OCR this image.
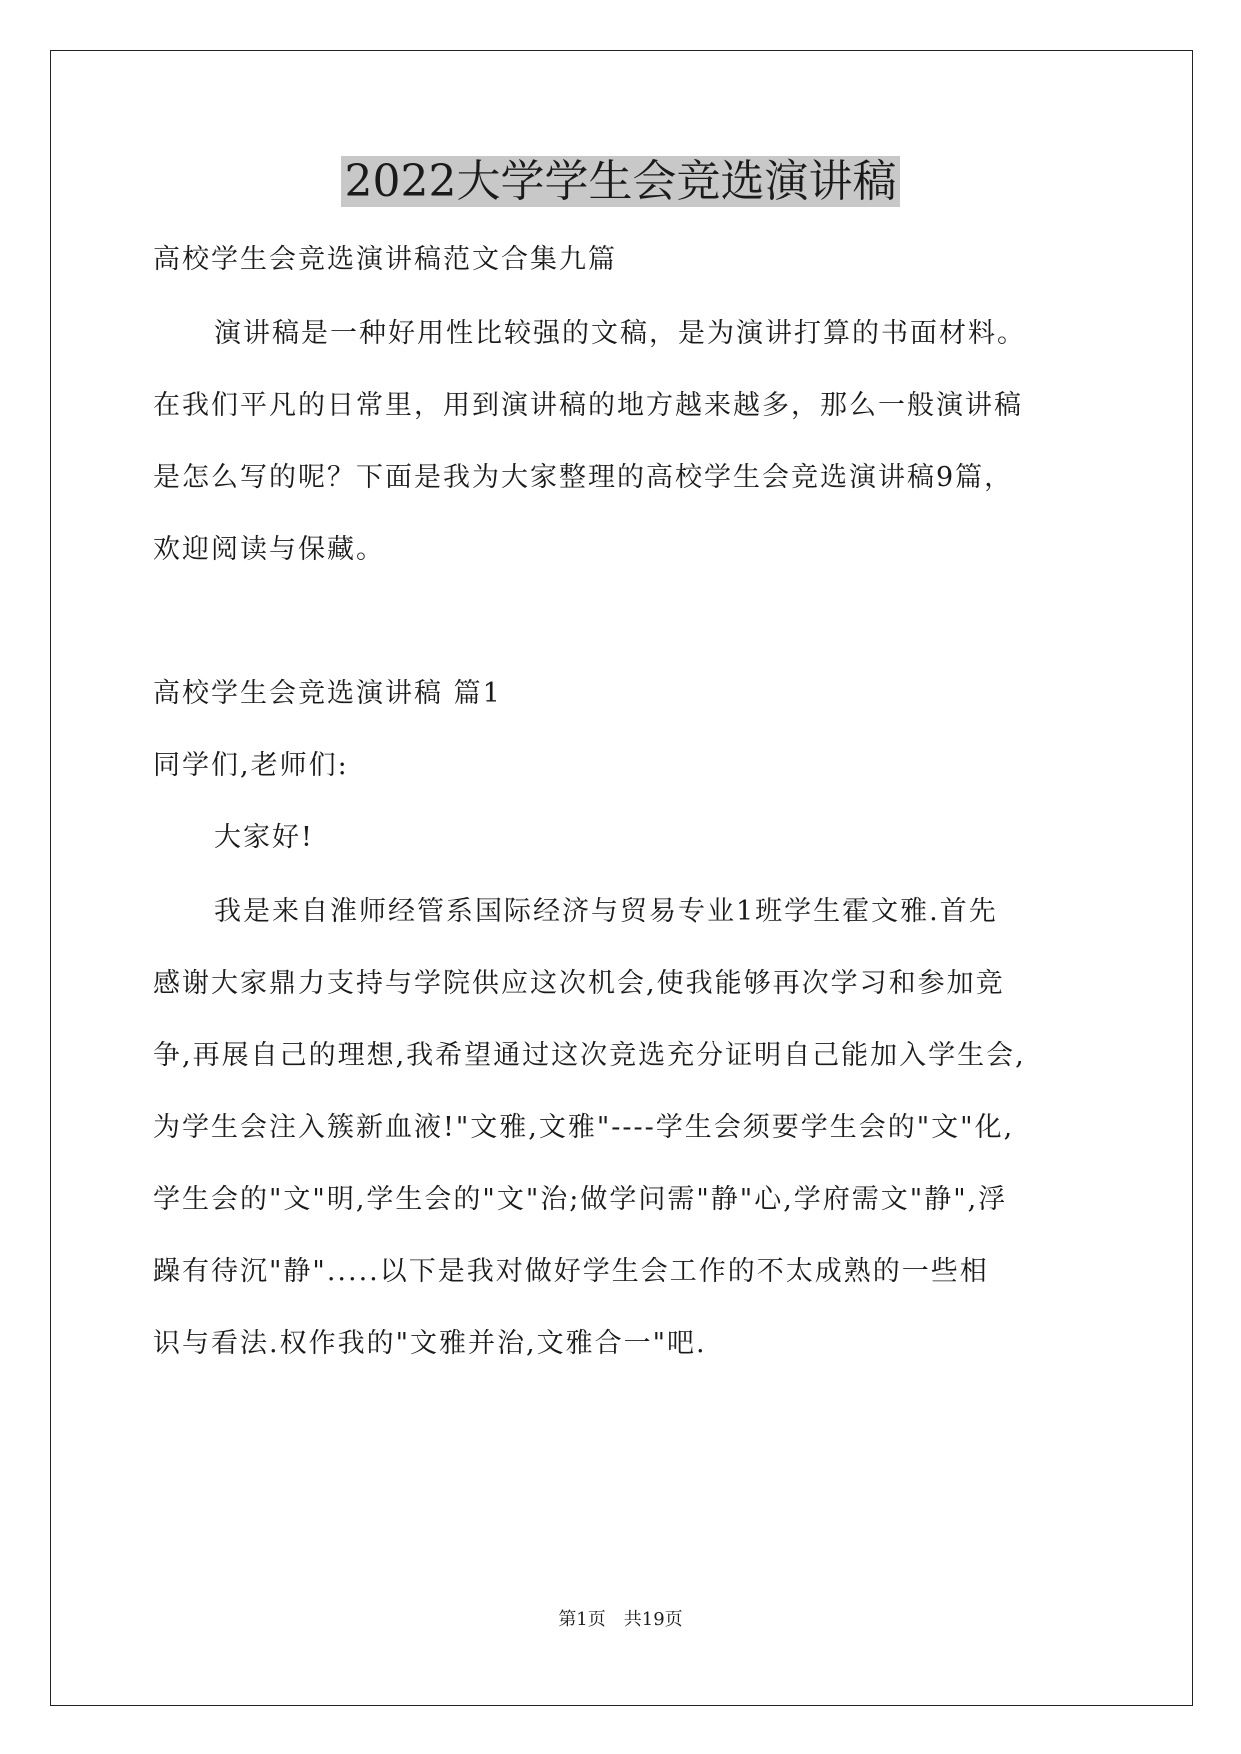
2022大学学生会竞选演讲稿
高校学生会竞选演讲稿范文合集九篇
演讲稿是一种好用性比较强的文稿，是为演讲打算的书面材料。
在我们平凡的日常里，用到演讲稿的地方越来越多，那么一般演讲稿
是怎么写的呢？下面是我为大家整理的高校学生会竞选演讲稿9篇，
欢迎阅读与保藏。
高校学生会竞选演讲稿 篇1
同学们,老师们:
大家好!
我是来自淮师经管系国际经济与贸易专业1班学生霍文雅.首先
感谢大家鼎力支持与学院供应这次机会,使我能够再次学习和参加竞
争,再展自己的理想,我希望通过这次竞选充分证明自己能加入学生会,
为学生会注入簇新血液!"文雅,文雅"----学生会须要学生会的"文"化,
学生会的"文"明,学生会的"文"治;做学问需"静"心,学府需文"静",浮
躁有待沉"静".....以下是我对做好学生会工作的不太成熟的一些相
识与看法.权作我的"文雅并治,文雅合一"吧.
第1页　共19页
